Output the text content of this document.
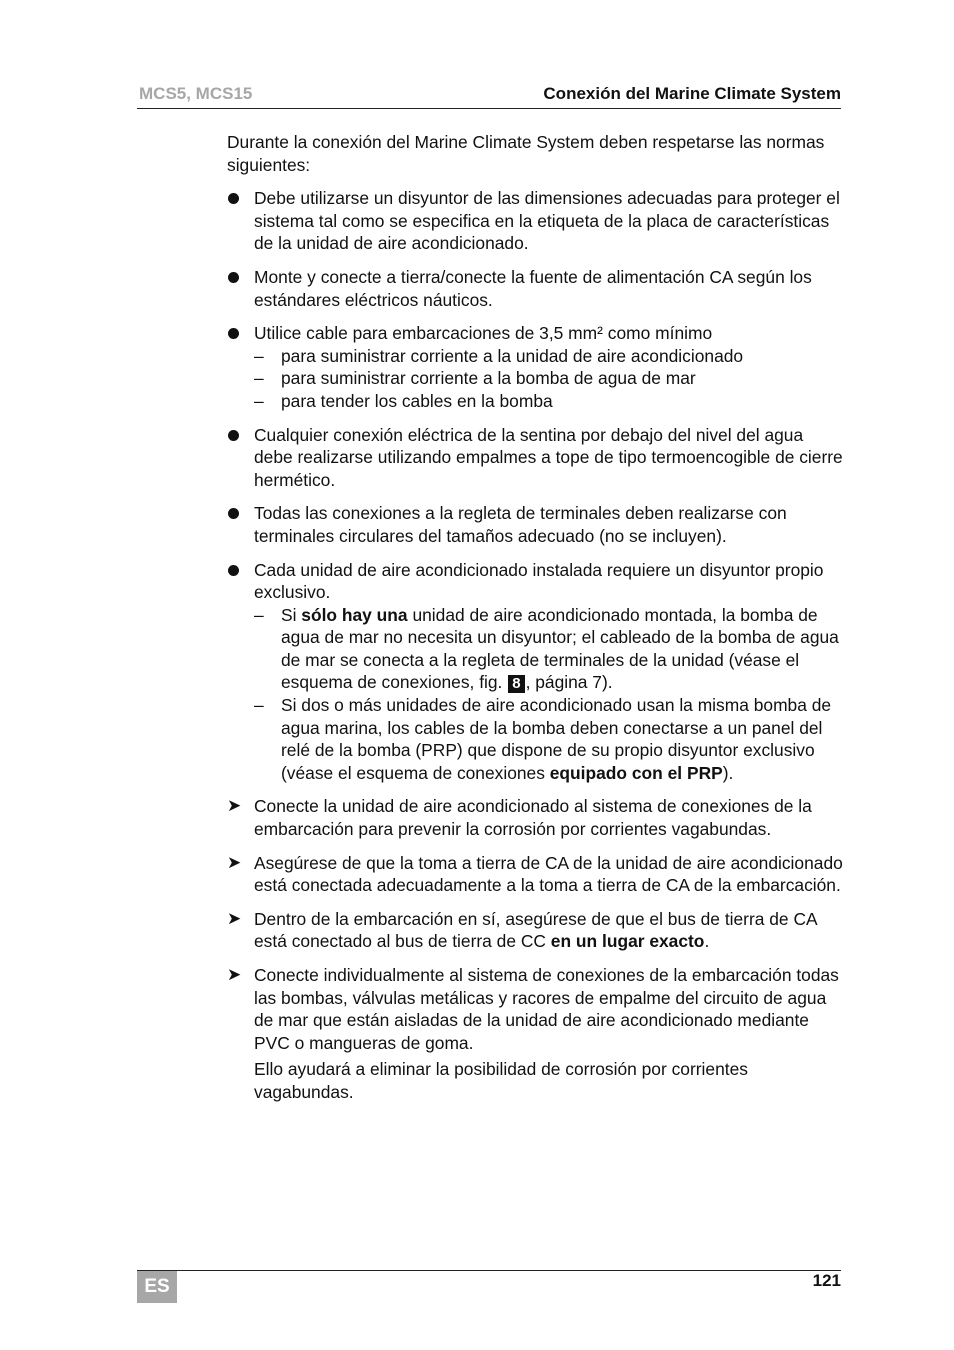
MCS5, MCS15	Conexión del Marine Climate System

Durante la conexión del Marine Climate System deben respetarse las normas siguientes:

Debe utilizarse un disyuntor de las dimensiones adecuadas para proteger el sistema tal como se especifica en la etiqueta de la placa de características de la unidad de aire acondicionado.
Monte y conecte a tierra/conecte la fuente de alimentación CA según los estándares eléctricos náuticos.
Utilice cable para embarcaciones de 3,5 mm² como mínimo
– para suministrar corriente a la unidad de aire acondicionado
– para suministrar corriente a la bomba de agua de mar
– para tender los cables en la bomba
Cualquier conexión eléctrica de la sentina por debajo del nivel del agua debe realizarse utilizando empalmes a tope de tipo termoencogible de cierre hermético.
Todas las conexiones a la regleta de terminales deben realizarse con terminales circulares del tamaños adecuado (no se incluyen).
Cada unidad de aire acondicionado instalada requiere un disyuntor propio exclusivo.
– Si sólo hay una unidad de aire acondicionado montada, la bomba de agua de mar no necesita un disyuntor; el cableado de la bomba de agua de mar se conecta a la regleta de terminales de la unidad (véase el esquema de conexiones, fig. 8 , página 7).
– Si dos o más unidades de aire acondicionado usan la misma bomba de agua marina, los cables de la bomba deben conectarse a un panel del relé de la bomba (PRP) que dispone de su propio disyuntor exclusivo (véase el esquema de conexiones equipado con el PRP).
➤ Conecte la unidad de aire acondicionado al sistema de conexiones de la embarcación para prevenir la corrosión por corrientes vagabundas.
➤ Asegúrese de que la toma a tierra de CA de la unidad de aire acondicionado está conectada adecuadamente a la toma a tierra de CA de la embarcación.
➤ Dentro de la embarcación en sí, asegúrese de que el bus de tierra de CA está conectado al bus de tierra de CC en un lugar exacto.
➤ Conecte individualmente al sistema de conexiones de la embarcación todas las bombas, válvulas metálicas y racores de empalme del circuito de agua de mar que están aisladas de la unidad de aire acondicionado mediante PVC o mangueras de goma.
Ello ayudará a eliminar la posibilidad de corrosión por corrientes vagabundas.
ES	121
